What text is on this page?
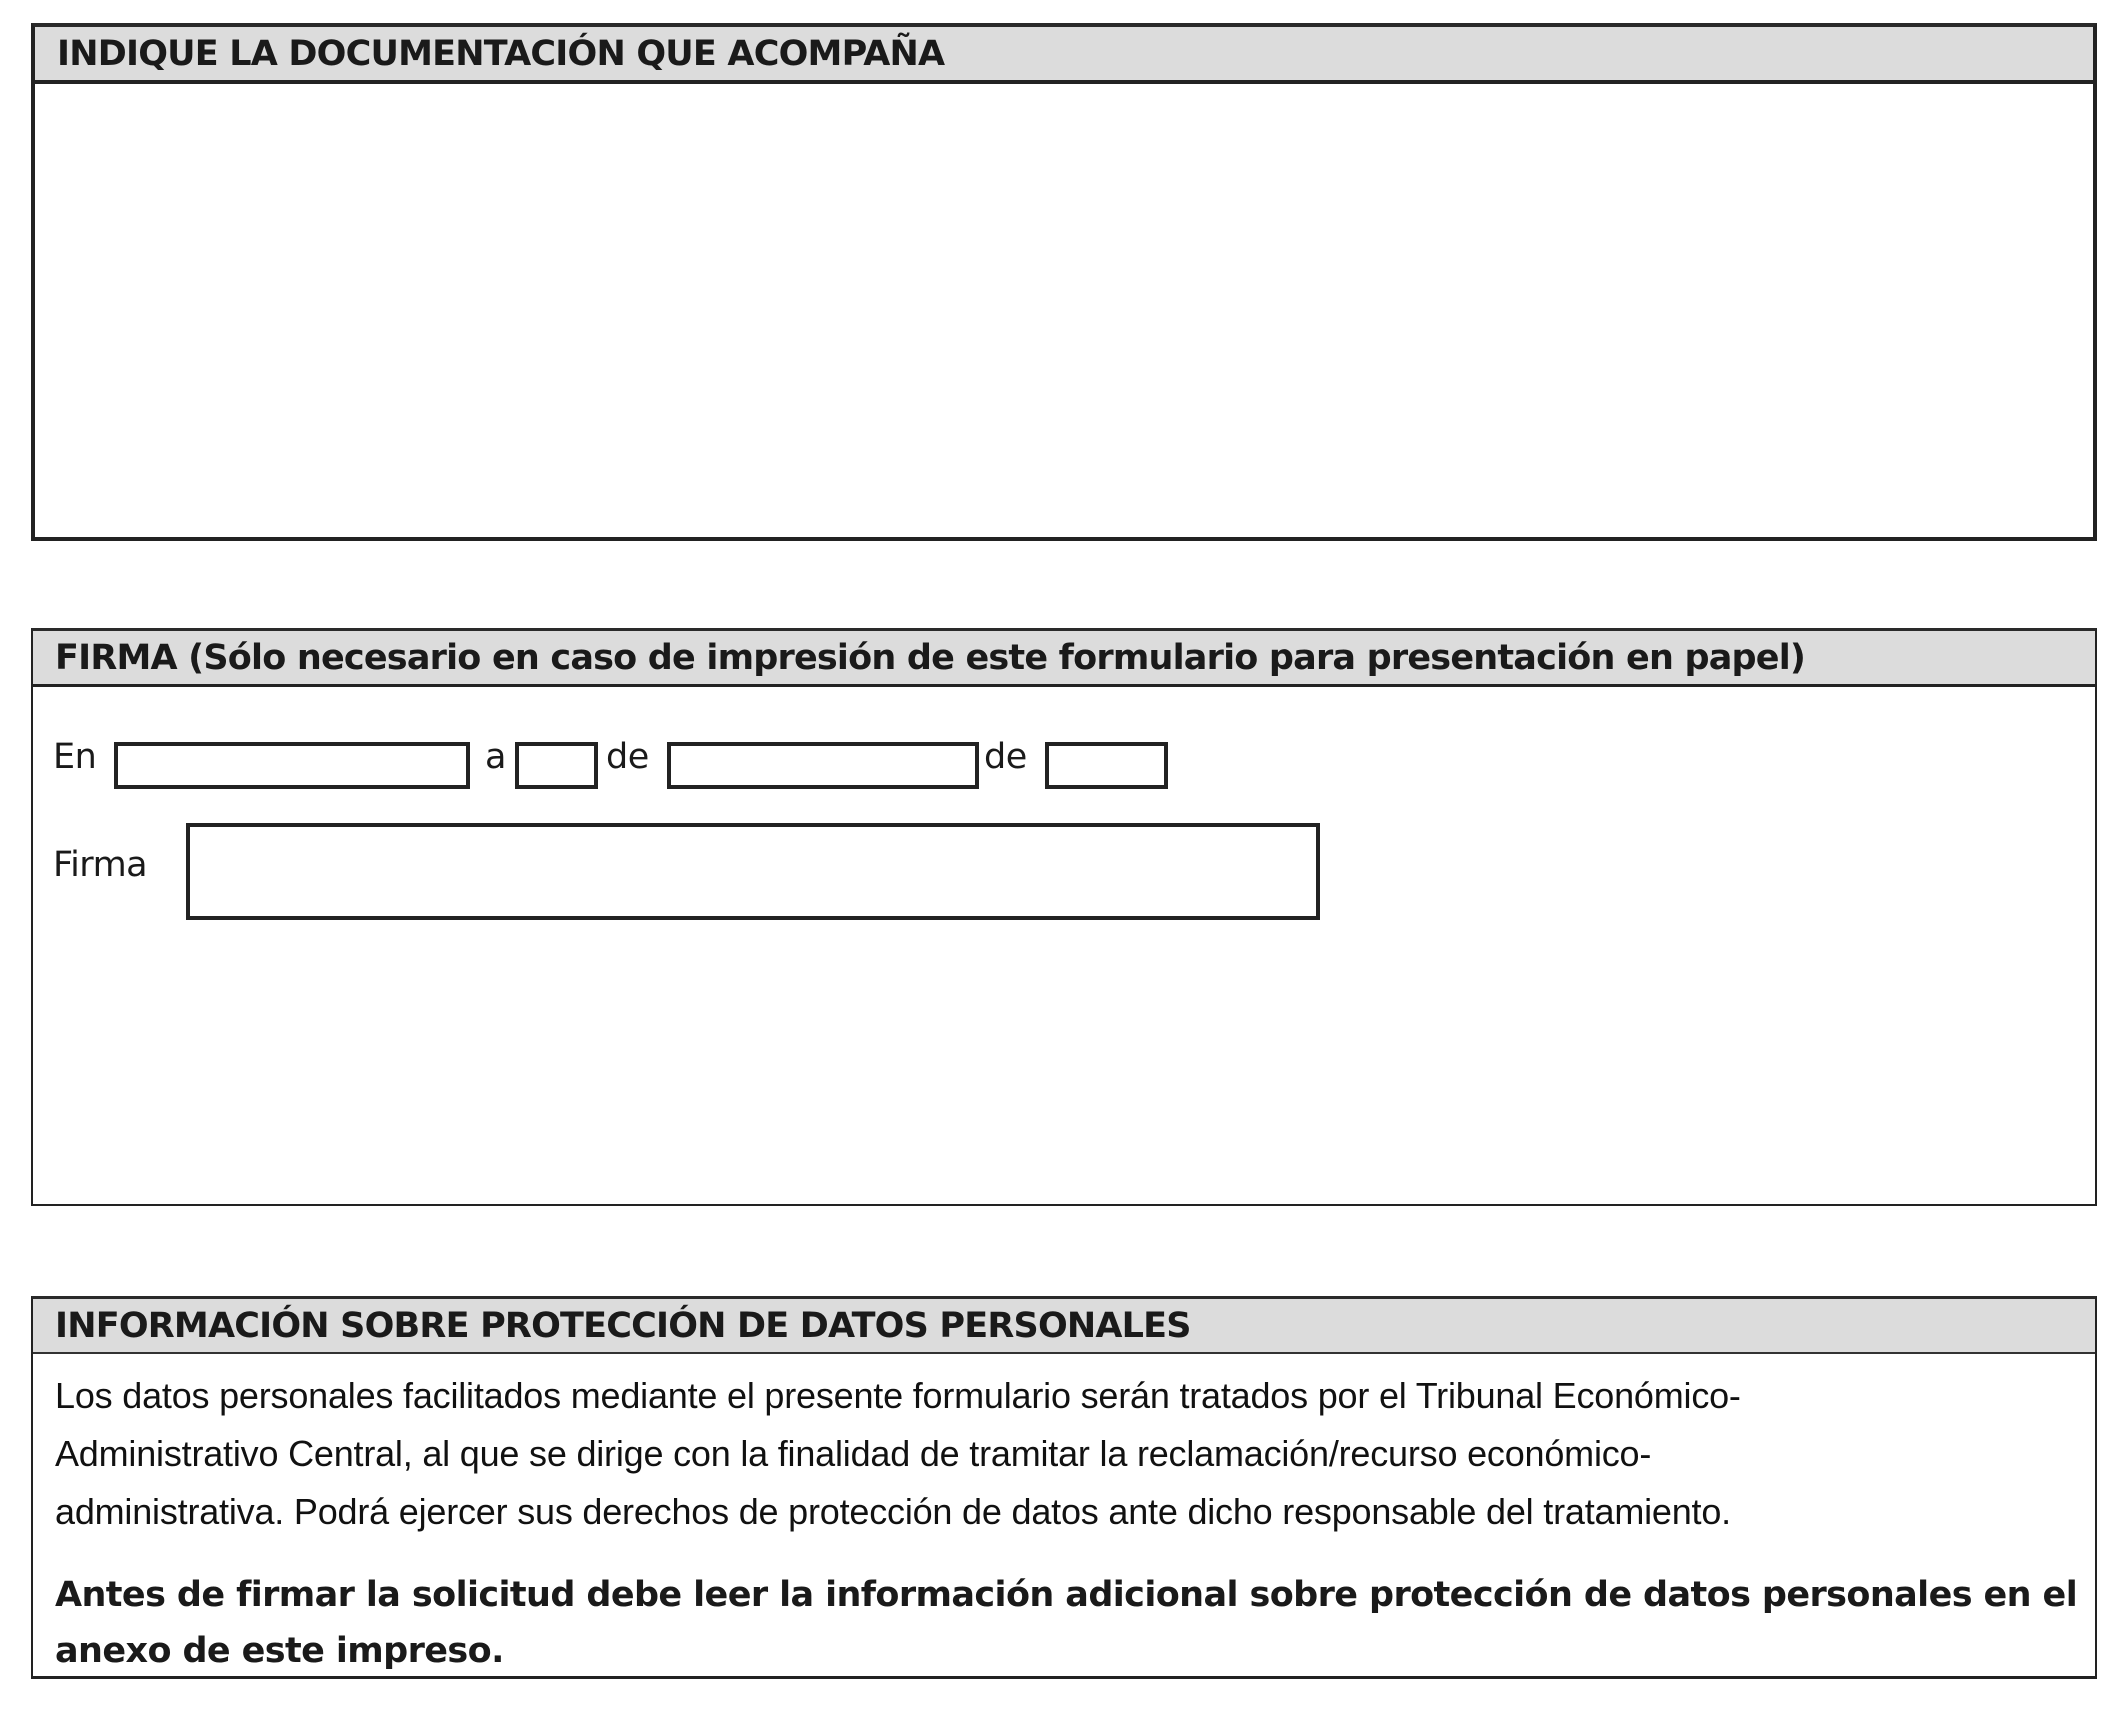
INDIQUE LA DOCUMENTACIÓN QUE ACOMPAÑA
FIRMA (Sólo necesario en caso de impresión de este formulario para presentación en papel)
En	a	de	de
Firma
INFORMACIÓN SOBRE PROTECCIÓN DE DATOS PERSONALES
Los datos personales facilitados mediante el presente formulario serán tratados por el Tribunal Económico-
Administrativo Central, al que se dirige con la finalidad de tramitar la reclamación/recurso económico-
administrativa. Podrá ejercer sus derechos de protección de datos ante dicho responsable del tratamiento.
Antes de firmar la solicitud debe leer la información adicional sobre protección de datos personales en el
anexo de este impreso.
